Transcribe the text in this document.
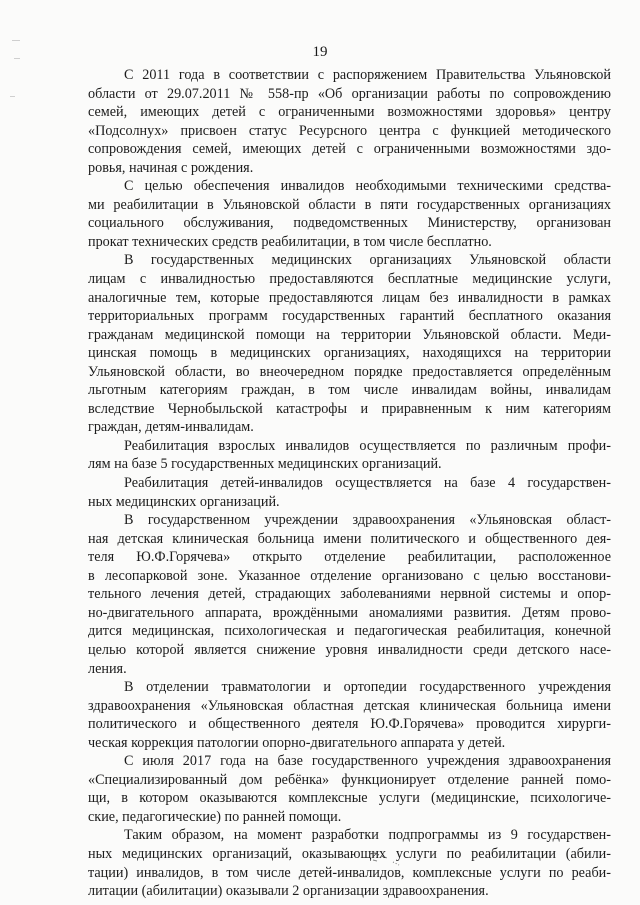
19
С 2011 года в соответствии с распоряжением Правительства Ульяновской
области от 29.07.2011 № 558-пр «Об организации работы по сопровождению
семей, имеющих детей с ограниченными возможностями здоровья» центру
«Подсолнух» присвоен статус Ресурсного центра с функцией методического
сопровождения семей, имеющих детей с ограниченными возможностями здо-
ровья, начиная с рождения.
С целью обеспечения инвалидов необходимыми техническими средства-
ми реабилитации в Ульяновской области в пяти государственных организациях
социального обслуживания, подведомственных Министерству, организован
прокат технических средств реабилитации, в том числе бесплатно.
В государственных медицинских организациях Ульяновской области
лицам с инвалидностью предоставляются бесплатные медицинские услуги,
аналогичные тем, которые предоставляются лицам без инвалидности в рамках
территориальных программ государственных гарантий бесплатного оказания
гражданам медицинской помощи на территории Ульяновской области. Меди-
цинская помощь в медицинских организациях, находящихся на территории
Ульяновской области, во внеочередном порядке предоставляется определённым
льготным категориям граждан, в том числе инвалидам войны, инвалидам
вследствие Чернобыльской катастрофы и приравненным к ним категориям
граждан, детям-инвалидам.
Реабилитация взрослых инвалидов осуществляется по различным профи-
лям на базе 5 государственных медицинских организаций.
Реабилитация детей-инвалидов осуществляется на базе 4 государствен-
ных медицинских организаций.
В государственном учреждении здравоохранения «Ульяновская област-
ная детская клиническая больница имени политического и общественного дея-
теля Ю.Ф.Горячева» открыто отделение реабилитации, расположенное
в лесопарковой зоне. Указанное отделение организовано с целью восстанови-
тельного лечения детей, страдающих заболеваниями нервной системы и опор-
но-двигательного аппарата, врождёнными аномалиями развития. Детям прово-
дится медицинская, психологическая и педагогическая реабилитация, конечной
целью которой является снижение уровня инвалидности среди детского насе-
ления.
В отделении травматологии и ортопедии государственного учреждения
здравоохранения «Ульяновская областная детская клиническая больница имени
политического и общественного деятеля Ю.Ф.Горячева» проводится хирурги-
ческая коррекция патологии опорно-двигательного аппарата у детей.
С июля 2017 года на базе государственного учреждения здравоохранения
«Специализированный дом ребёнка» функционирует отделение ранней помо-
щи, в котором оказываются комплексные услуги (медицинские, психологиче-
ские, педагогические) по ранней помощи.
Таким образом, на момент разработки подпрограммы из 9 государствен-
ных медицинских организаций, оказывающих услуги по реабилитации (абили-
тации) инвалидов, в том числе детей-инвалидов, комплексные услуги по реаби-
литации (абилитации) оказывали 2 организации здравоохранения.
